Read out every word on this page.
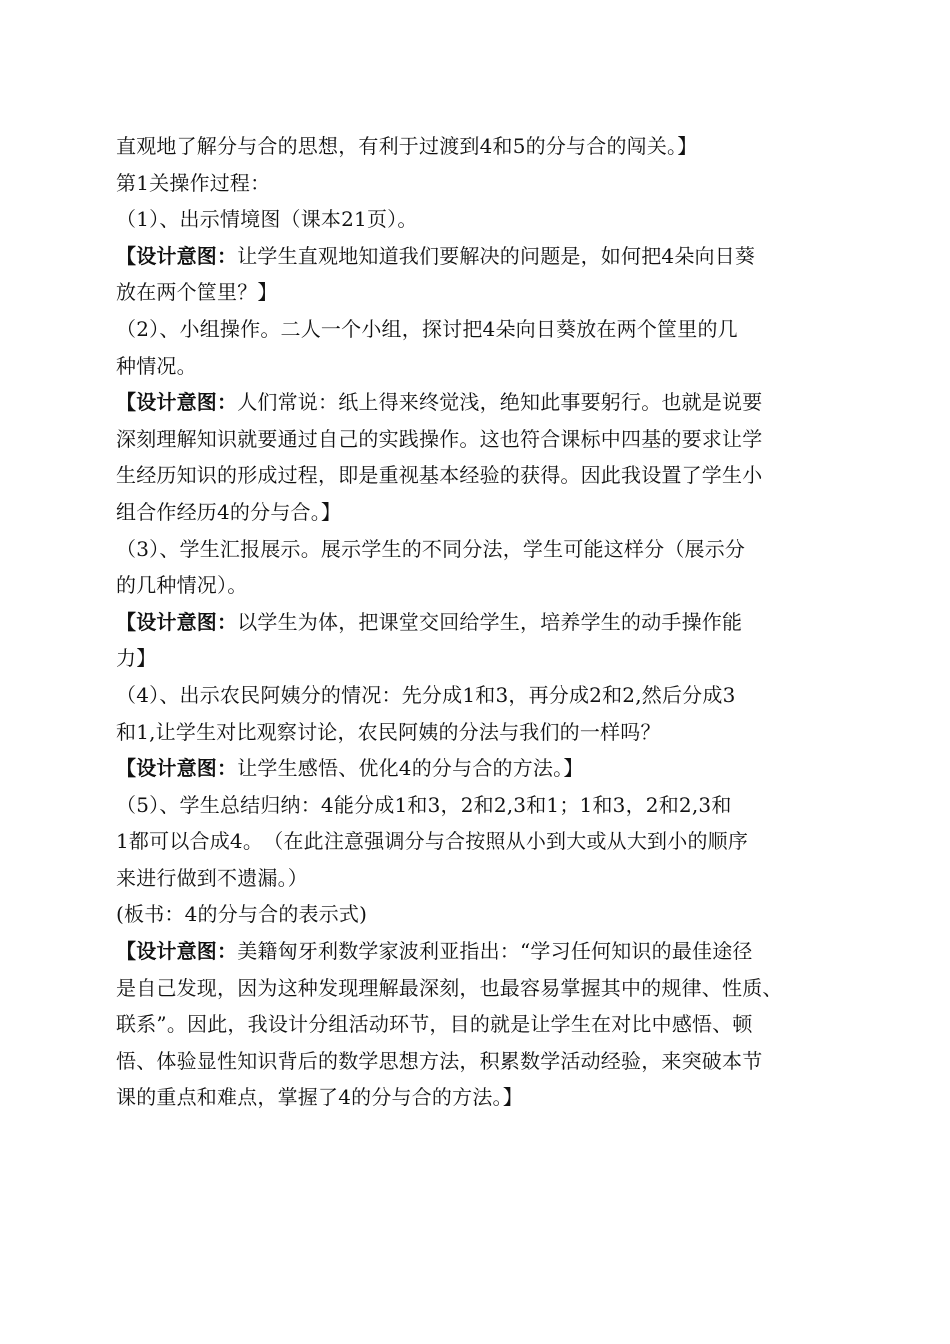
直观地了解分与合的思想，有利于过渡到4和5的分与合的闯关。】
第1关操作过程：
（1）、出示情境图（课本21页）。
【设计意图：让学生直观地知道我们要解决的问题是，如何把4朵向日葵
放在两个筐里？】
（2）、小组操作。二人一个小组，探讨把4朵向日葵放在两个筐里的几
种情况。
【设计意图：人们常说：纸上得来终觉浅，绝知此事要躬行。也就是说要
深刻理解知识就要通过自己的实践操作。这也符合课标中四基的要求让学
生经历知识的形成过程，即是重视基本经验的获得。因此我设置了学生小
组合作经历4的分与合。】
（3）、学生汇报展示。展示学生的不同分法，学生可能这样分（展示分
的几种情况）。
【设计意图：以学生为体，把课堂交回给学生，培养学生的动手操作能
力】
（4）、出示农民阿姨分的情况：先分成1和3，再分成2和2,然后分成3
和1,让学生对比观察讨论，农民阿姨的分法与我们的一样吗？
【设计意图：让学生感悟、优化4的分与合的方法。】
（5）、学生总结归纳：4能分成1和3，2和2,3和1；1和3，2和2,3和
1都可以合成4。　（在此注意强调分与合按照从小到大或从大到小的顺序
来进行做到不遗漏。）
(板书：4的分与合的表示式)
【设计意图：美籍匈牙利数学家波利亚指出：“学习任何知识的最佳途径
是自己发现，因为这种发现理解最深刻，也最容易掌握其中的规律、性质、
联系”。因此，我设计分组活动环节，目的就是让学生在对比中感悟、顿
悟、体验显性知识背后的数学思想方法，积累数学活动经验，来突破本节
课的重点和难点，掌握了4的分与合的方法。】
